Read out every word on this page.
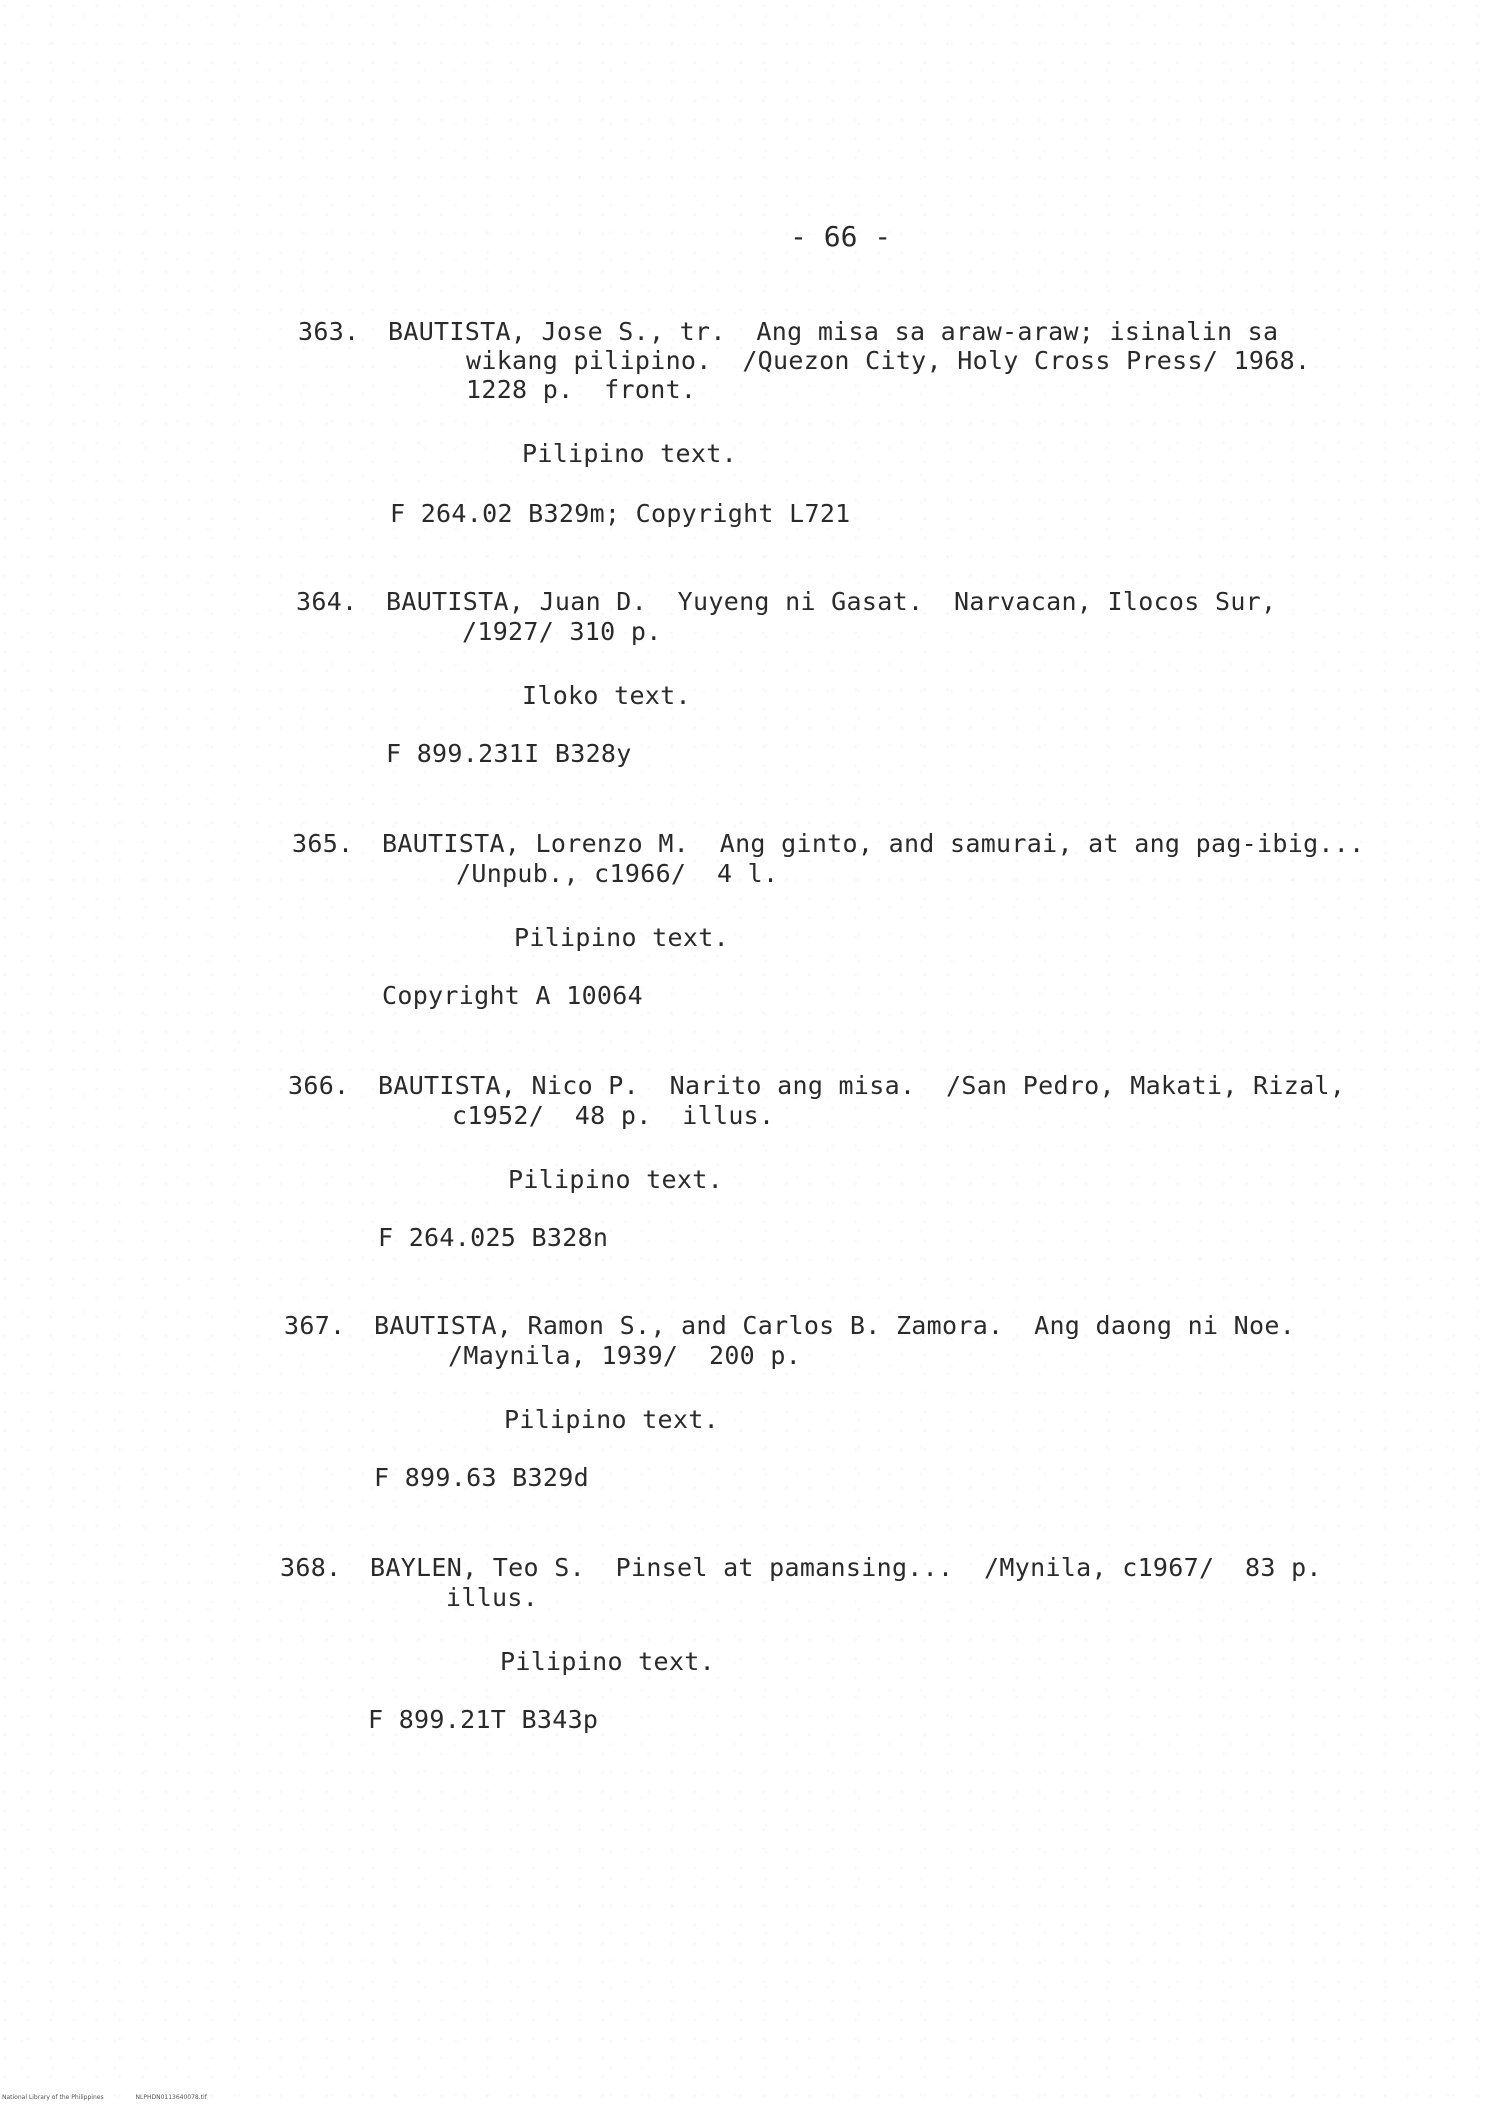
- 66 -
363. BAUTISTA, Jose S., tr.  Ang misa sa araw-araw; isinalin sa
wikang pilipino.  /Quezon City, Holy Cross Press/ 1968.
1228 p.  front.
Pilipino text.
F 264.02 B329m; Copyright L721
364. BAUTISTA, Juan D.  Yuyeng ni Gasat.  Narvacan, Ilocos Sur,
/1927/ 310 p.
Iloko text.
F 899.231I B328y
365. BAUTISTA, Lorenzo M.  Ang ginto, and samurai, at ang pag-ibig...
/Unpub., c1966/  4 l.
Pilipino text.
Copyright A 10064
366. BAUTISTA, Nico P.  Narito ang misa.  /San Pedro, Makati, Rizal,
c1952/  48 p.  illus.
Pilipino text.
F 264.025 B328n
367. BAUTISTA, Ramon S., and Carlos B. Zamora.  Ang daong ni Noe.
/Maynila, 1939/  200 p.
Pilipino text.
F 899.63 B329d
368. BAYLEN, Teo S.  Pinsel at pamansing...  /Mynila, c1967/  83 p.
illus.
Pilipino text.
F 899.21T B343p
National Library of the Philippines	NLPHDN0113640078.tif
